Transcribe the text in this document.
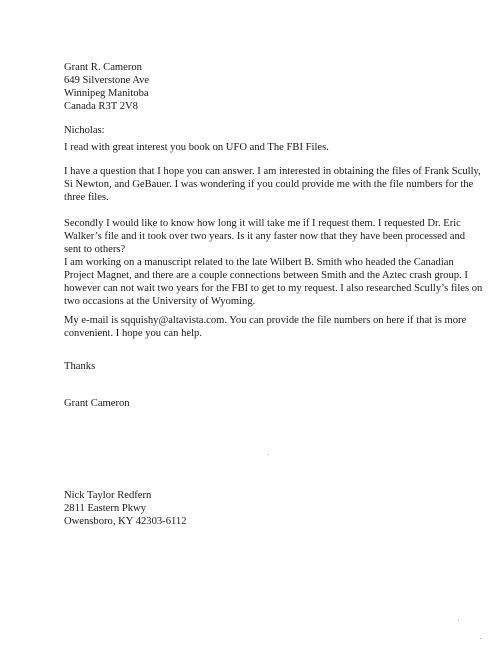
Grant R. Cameron
649 Silverstone Ave
Winnipeg Manitoba
Canada R3T 2V8
Nicholas:
I read with great interest you book on UFO and The FBI Files.
I have a question that I hope you can answer. I am interested in obtaining the files of Frank Scully, Si Newton, and GeBauer. I was wondering if you could provide me with the file numbers for the three files.
Secondly I would like to know how long it will take me if I request them. I requested Dr. Eric Walker’s file and it took over two years. Is it any faster now that they have been processed and sent to others?
I am working on a manuscript related to the late Wilbert B. Smith who headed the Canadian Project Magnet, and there are a couple connections between Smith and the Aztec crash group. I however can not wait two years for the FBI to get to my request. I also researched Scully’s files on two occasions at the University of Wyoming.
My e-mail is sqquishy@altavista.com. You can provide the file numbers on here if that is more convenient. I hope you can help.
Thanks
Grant Cameron
Nick Taylor Redfern
2811 Eastern Pkwy
Owensboro, KY 42303-6112
